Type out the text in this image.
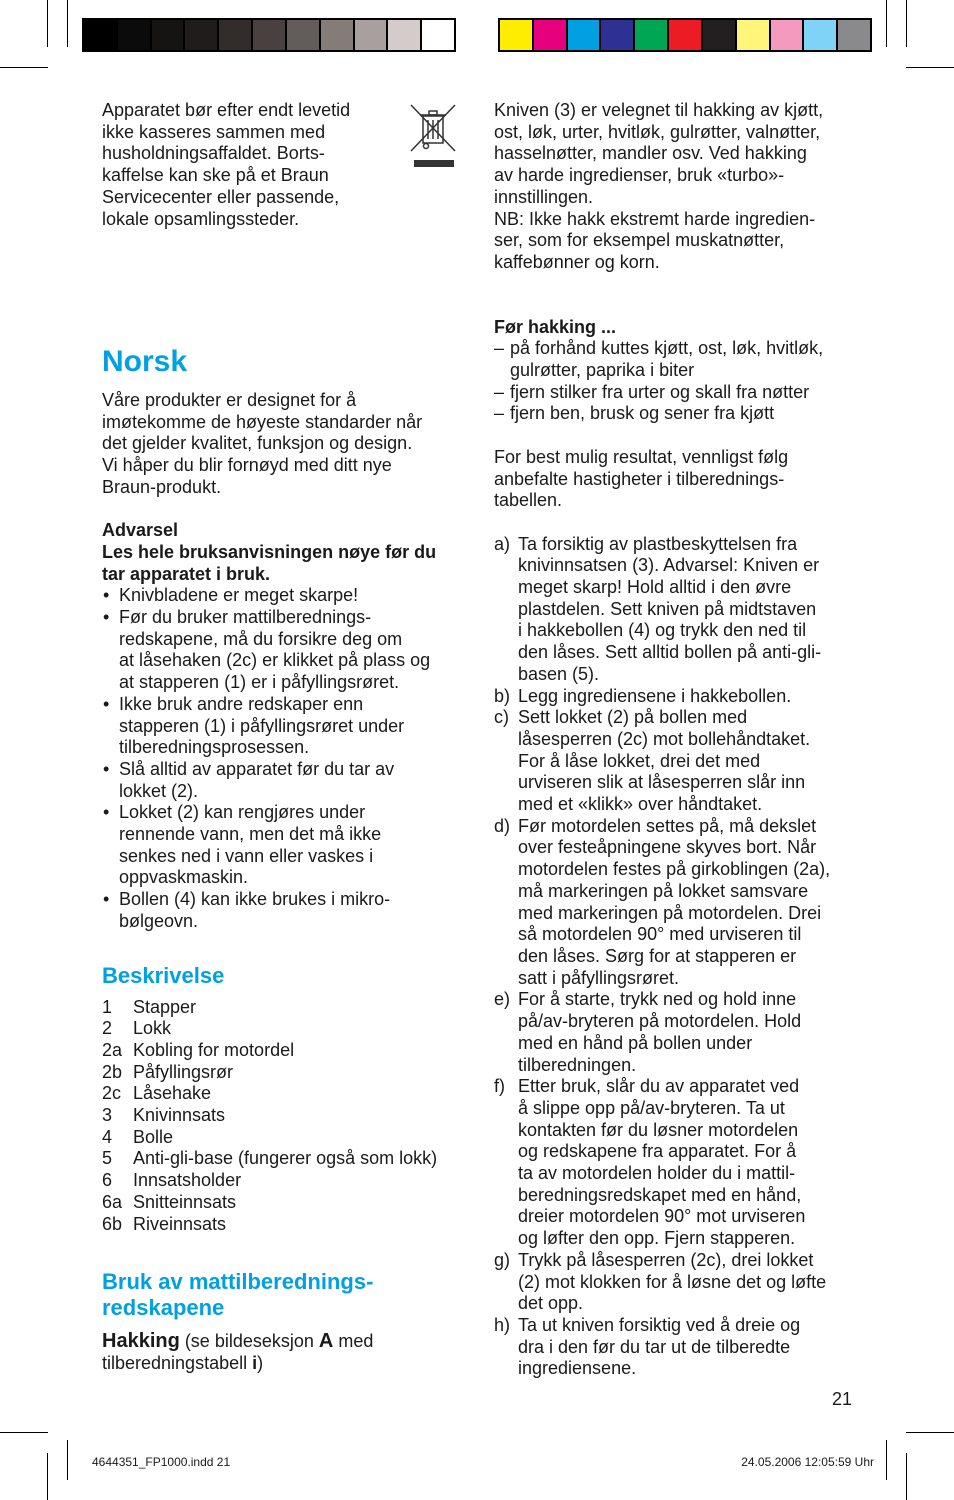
Apparatet bør efter endt levetid
ikke kasseres sammen med
husholdningsaffaldet. Borts-
kaffelse kan ske på et Braun
Servicecenter eller passende,
lokale opsamlingssteder.
Norsk
Våre produkter er designet for å
imøtekomme de høyeste standarder når
det gjelder kvalitet, funksjon og design.
Vi håper du blir fornøyd med ditt nye
Braun-produkt.

Advarsel

Les hele bruksanvisningen nøye før du
tar apparatet i bruk.
• Knivbladene er meget skarpe!
• Før du bruker mattilberednings-
redskapene, må du forsikre deg om
at låsehaken (2c) er klikket på plass og
at stapperen (1) er i påfyllingsrøret.
• Ikke bruk andre redskaper enn
stapperen (1) i påfyllingsrøret under
tilberedningsprosessen.
• Slå alltid av apparatet før du tar av
lokket (2).
• Lokket (2) kan rengjøres under
rennende vann, men det må ikke
senkes ned i vann eller vaskes i
oppvaskmaskin.
• Bollen (4) kan ikke brukes i mikro-
bølgeovn.
Beskrivelse
1	Stapper
2	Lokk
2a	Kobling for motordel
2b	Påfyllingsrør
2c	Låsehake
3	Knivinnsats
4	Bolle
5	Anti-gli-base (fungerer også som lokk)
6	Innsatsholder
6a	Snitteinnsats
6b	Riveinnsats
Bruk av mattilberednings-
redskapene
Hakking (se bildeseksjon A med
tilberedningstabell i)
Kniven (3) er velegnet til hakking av kjøtt,
ost, løk, urter, hvitløk, gulrøtter, valnøtter,
hasselnøtter, mandler osv. Ved hakking
av harde ingredienser, bruk «turbo»-
innstillingen.
NB: Ikke hakk ekstremt harde ingredien-
ser, som for eksempel muskatnøtter,
kaffebønner og korn.

Før hakking ...

– på forhånd kuttes kjøtt, ost, løk, hvitløk,
gulrøtter, paprika i biter
– fjern stilker fra urter og skall fra nøtter
– fjern ben, brusk og sener fra kjøtt
For best mulig resultat, vennligst følg
anbefalte hastigheter i tilberednings-
tabellen.
a) Ta forsiktig av plastbeskyttelsen fra
knivinnsatsen (3). Advarsel: Kniven er
meget skarp! Hold alltid i den øvre
plastdelen. Sett kniven på midtstaven
i hakkebollen (4) og trykk den ned til
den låses. Sett alltid bollen på anti-gli-
basen (5).
b) Legg ingrediensene i hakkebollen.
c) Sett lokket (2) på bollen med
låsesperren (2c) mot bollehåndtaket.
For å låse lokket, drei det med
urviseren slik at låsesperren slår inn
med et «klikk» over håndtaket.
d) Før motordelen settes på, må dekslet
over festeåpningene skyves bort. Når
motordelen festes på girkoblingen (2a),
må markeringen på lokket samsvare
med markeringen på motordelen. Drei
så motordelen 90° med urviseren til
den låses. Sørg for at stapperen er
satt i påfyllingsrøret.
e) For å starte, trykk ned og hold inne
på/av-bryteren på motordelen. Hold
med en hånd på bollen under
tilberedningen.
f) Etter bruk, slår du av apparatet ved
å slippe opp på/av-bryteren. Ta ut
kontakten før du løsner motordelen
og redskapene fra apparatet. For å
ta av motordelen holder du i mattil-
beredningsredskapet med en hånd,
dreier motordelen 90° mot urviseren
og løfter den opp. Fjern stapperen.
g) Trykk på låsesperren (2c), drei lokket
(2) mot klokken for å løsne det og løfte
det opp.
h) Ta ut kniven forsiktig ved å dreie og
dra i den før du tar ut de tilberedte
ingrediensene.
21
4644351_FP1000.indd 21	24.05.2006 12:05:59 Uhr
